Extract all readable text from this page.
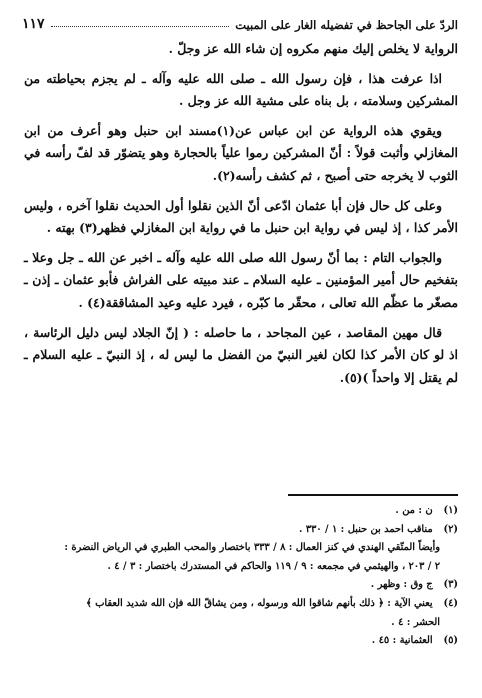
الردّ على الجاحظ في تفضيله الغار على المبيت
١١٧

الرواية لا يخلص إليك منهم مكروه إن شاء الله عز وجلّ .

اذا عرفت هذا ، فإن رسول الله ـ صلى الله عليه وآله ـ لم يجزم بحياطته من المشركين وسلامته ، بل بناه على مشية الله عز وجل .

ويقوي هذه الرواية عن ابن عباس عن(١)مسند ابن حنبل وهو أعرف من ابن المغازلي وأثبت قولاً : أنّ المشركين رموا علياً بالحجارة وهو يتضوّر قد لفّ رأسه في الثوب لا يخرجه حتى أصبح ، ثم كشف رأسه(٢).

وعلى كل حال فإن أبا عثمان ادّعى أنّ الذين نقلوا أول الحديث نقلوا آخره ، وليس الأمر كذا ، إذ ليس في رواية ابن حنبل ما في رواية ابن المغازلي فظهر(٣) بهته .

والجواب التام : بما أنّ رسول الله صلى الله عليه وآله ـ اخبر عن الله ـ جل وعلا ـ بتفخيم حال أمير المؤمنين ـ عليه السلام ـ عند مبيته على الفراش فأبو عثمان ـ إذن ـ مصغّر ما عظّم الله تعالى ، محقّر ما كبّره ، فيرد عليه وعيد المشاققة(٤) .

قال مهين المقاصد ، عين المجاحد ، ما حاصله : ( إنّ الجلاد ليس دليل الرئاسة ، اذ لو كان الأمر كذا لكان لغير النبيّ من الفضل ما ليس له ، إذ النبيّ ـ عليه السلام ـ لم يقتل إلا واحداً )(٥).

(١) ن : من .
(٢) مناقب احمد بن حنبل : ١ / ٣٣٠ .
وأيضاً المتّقي الهندي في كنز العمال : ٨ / ٣٣٣ باختصار والمحب الطبري في الرياض النضرة :
٢ / ٢٠٣ ، والهيثمي في مجمعه : ٩ / ١١٩ والحاكم في المستدرك باختصار : ٣ / ٤ .
(٣) ج وق : وظهر .
(٤) يعني الآية : ﴿ ذلك بأنهم شاقوا الله ورسوله ، ومن يشاقّ الله فإن الله شديد العقاب ﴾
الحشر : ٤ .
(٥) العثمانية : ٤٥ .
